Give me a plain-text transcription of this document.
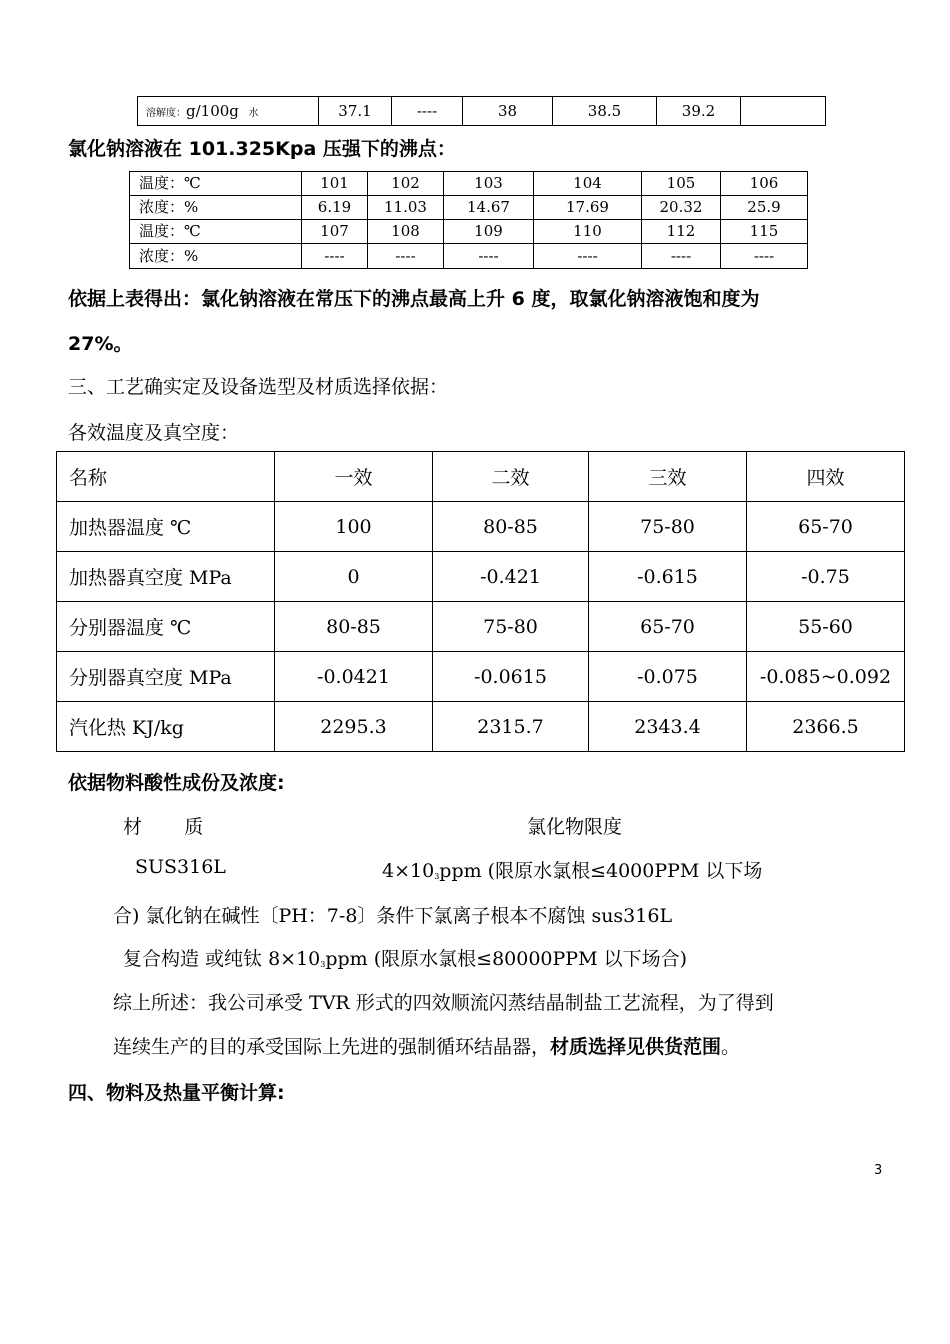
溶解度：g/100g 水	37.1	----	38	38.5	39.2	
氯化钠溶液在 101.325Kpa 压强下的沸点：
温度：℃	101	102	103	104	105	106
浓度：%	6.19	11.03	14.67	17.69	20.32	25.9
温度：℃	107	108	109	110	112	115
浓度：%	----	----	----	----	----	----
依据上表得出：氯化钠溶液在常压下的沸点最高上升 6 度，取氯化钠溶液饱和度为
27%。
三、工艺确实定及设备选型及材质选择依据：
各效温度及真空度：
名称	一效	二效	三效	四效
加热器温度 ℃	100	80-85	75-80	65-70
加热器真空度 MPa	0	-0.421	-0.615	-0.75
分别器温度 ℃	80-85	75-80	65-70	55-60
分别器真空度 MPa	-0.0421	-0.0615	-0.075	-0.085~0.092
汽化热 KJ/kg	2295.3	2315.7	2343.4	2366.5
依据物料酸性成份及浓度:
材       质	氯化物限度
SUS316L	$4\times 10^3ppm$ (限原水氯根≤4000PPM 以下场
合) 氯化钠在碱性〔PH：7-8〕条件下氯离子根本不腐蚀 sus316L
复合构造 或纯钛 $8\times 10^3ppm$ (限原水氯根≤80000PPM 以下场合)
综上所述：我公司承受 TVR 形式的四效顺流闪蒸结晶制盐工艺流程，为了得到
连续生产的目的承受国际上先进的强制循环结晶器，材质选择见供货范围。
四、物料及热量平衡计算:
3
